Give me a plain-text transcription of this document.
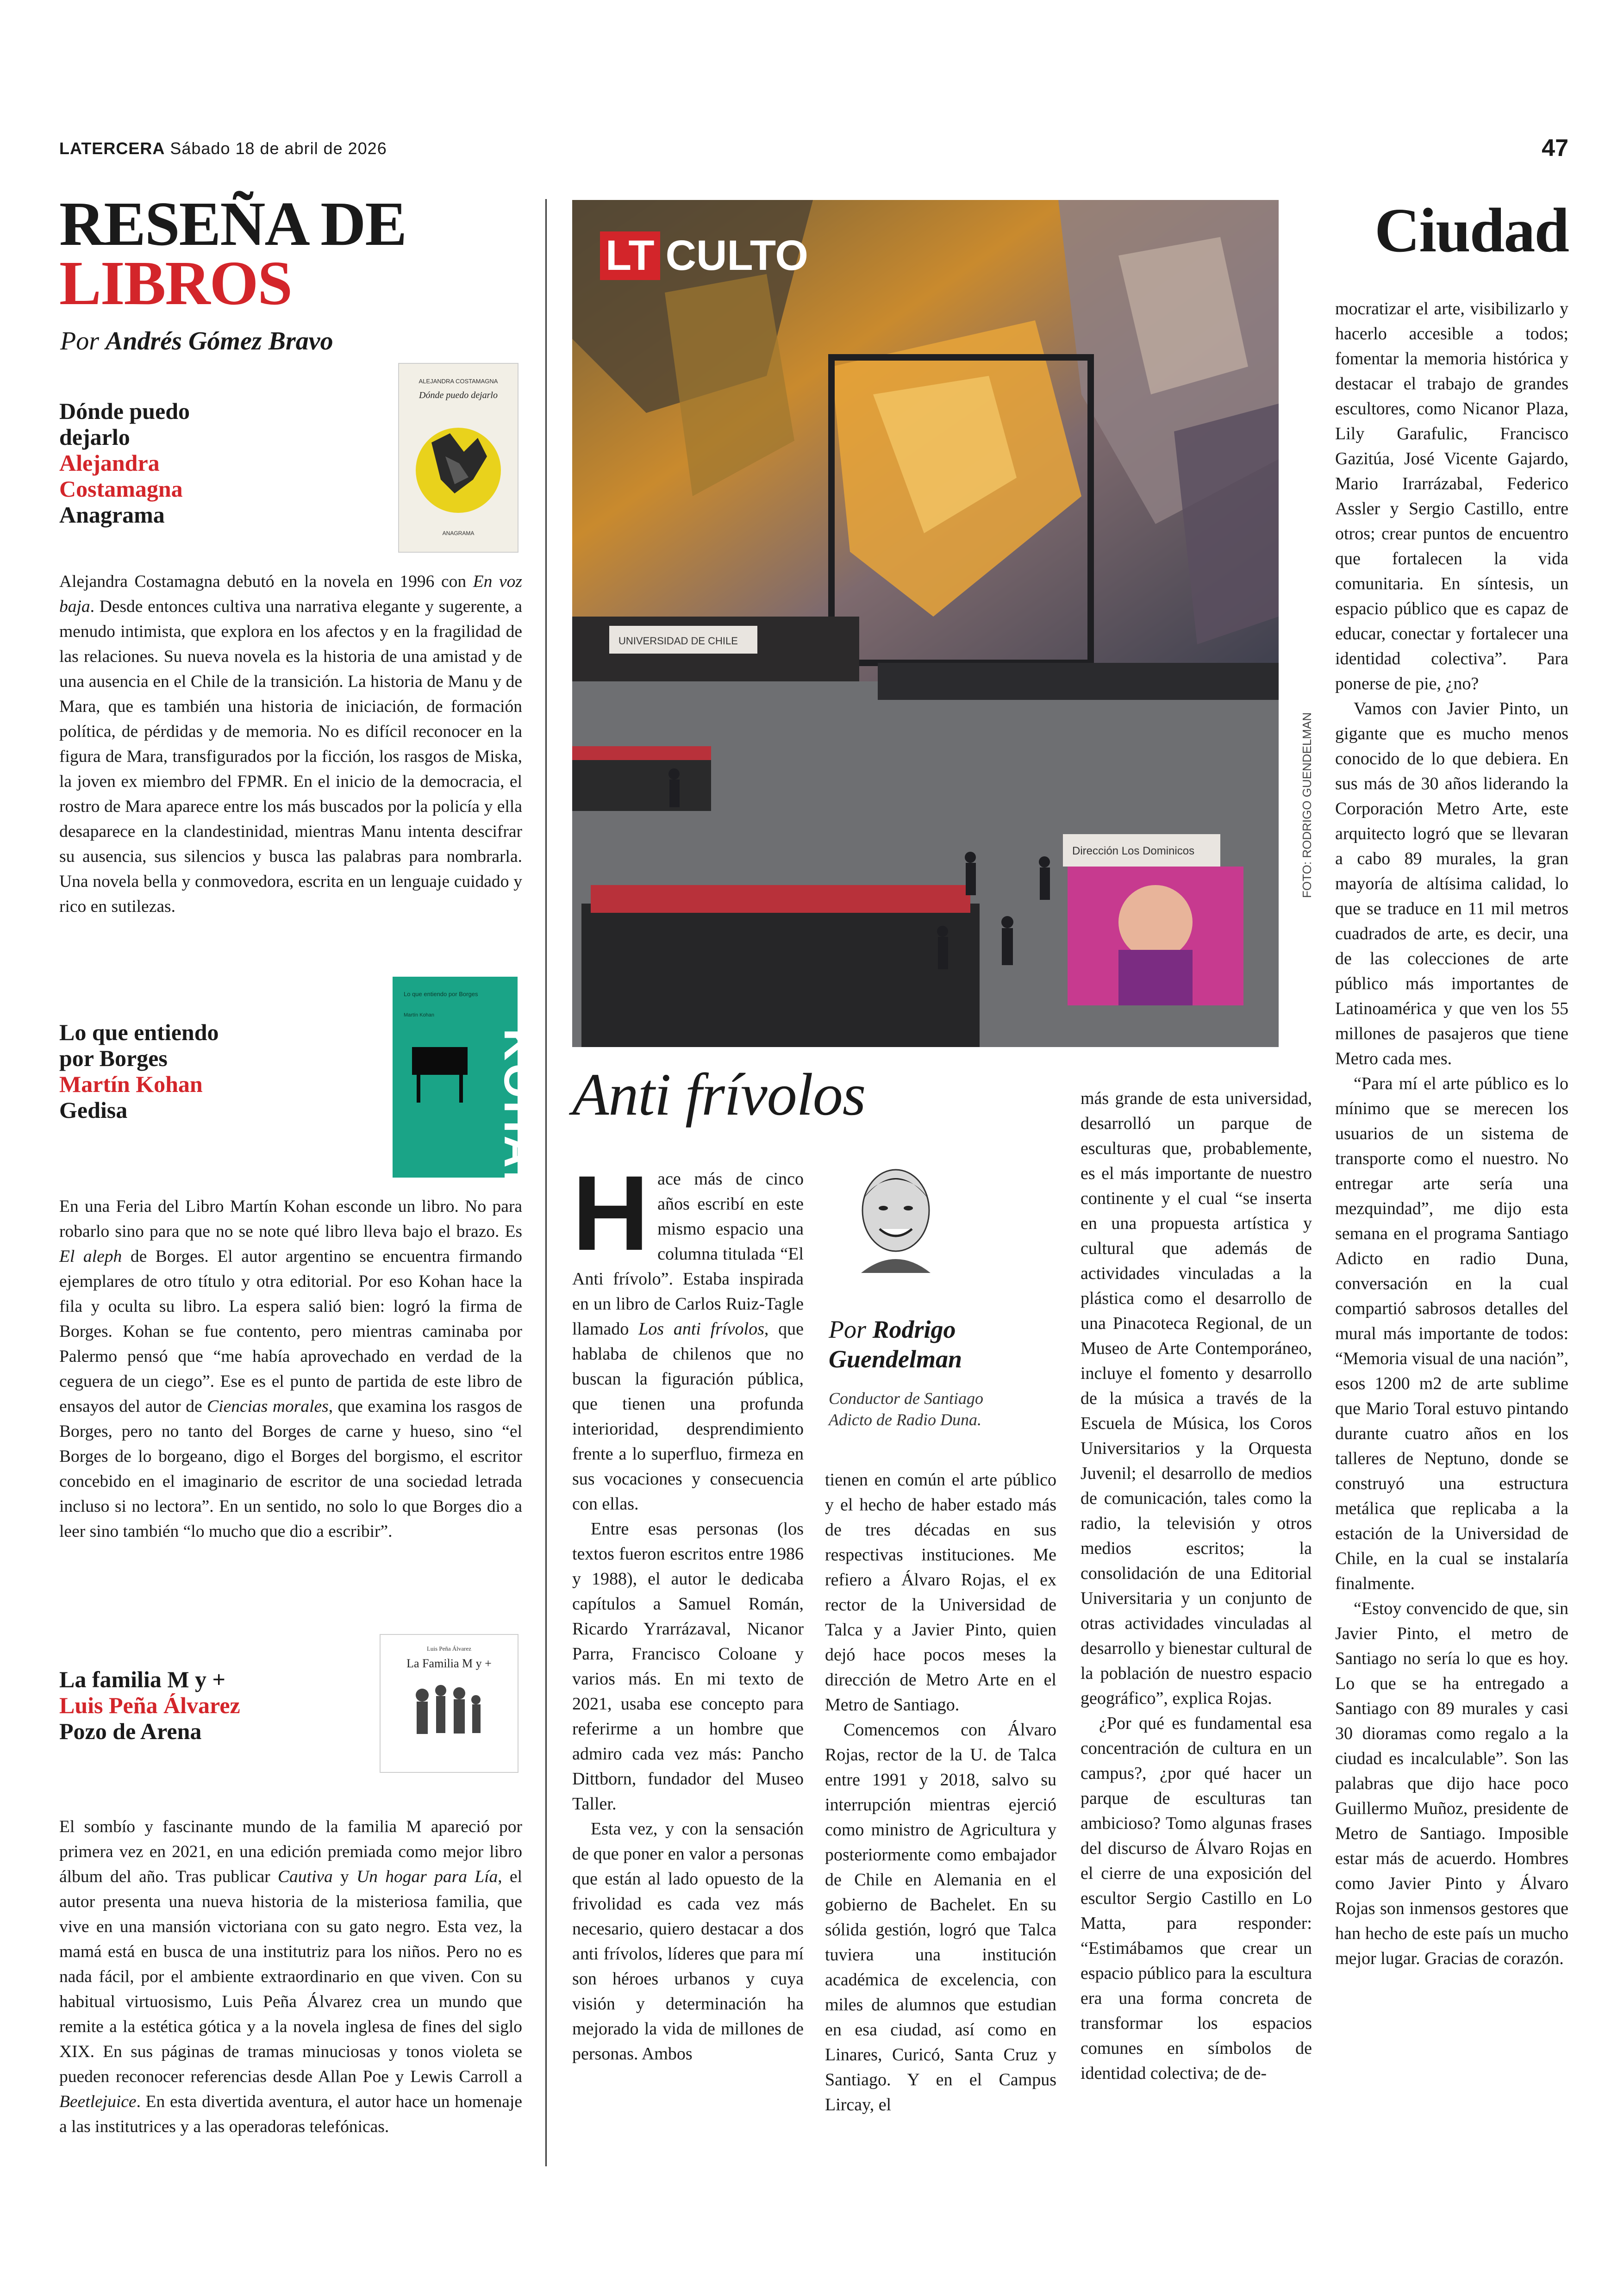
LATERCERA Sábado 18 de abril de 2026	47
RESEÑA DE
LIBROS
Por Andrés Gómez Bravo
Dónde puedo
dejarlo
Alejandra
Costamagna
Anagrama
ALEJANDRA COSTAMAGNA
Dónde puedo dejarlo
ANAGRAMA
Alejandra Costamagna debutó en la novela en 1996 con En voz baja. Desde entonces cultiva una narrativa elegante y sugerente, a menudo intimista, que explora en los afectos y en la fragilidad de las relaciones. Su nueva novela es la historia de una amistad y de una ausencia en el Chile de la transición. La historia de Manu y de Mara, que es también una historia de iniciación, de formación política, de pérdidas y de memoria. No es difícil reconocer en la figura de Mara, transfigurados por la ficción, los rasgos de Miska, la joven ex miembro del FPMR. En el inicio de la democracia, el rostro de Mara aparece entre los más buscados por la policía y ella desaparece en la clandestinidad, mientras Manu intenta descifrar su ausencia, sus silencios y busca las palabras para nombrarla. Una novela bella y conmovedora, escrita en un lenguaje cuidado y rico en sutilezas.
Lo que entiendo
por Borges
Martín Kohan
Gedisa
Lo que entiendo por Borges
Martín Kohan
KOHAN
En una Feria del Libro Martín Kohan esconde un libro. No para robarlo sino para que no se note qué libro lleva bajo el brazo. Es El aleph de Borges. El autor argentino se encuentra firmando ejemplares de otro título y otra editorial. Por eso Kohan hace la fila y oculta su libro. La espera salió bien: logró la firma de Borges. Kohan se fue contento, pero mientras caminaba por Palermo pensó que “me había aprovechado en verdad de la ceguera de un ciego”. Ese es el punto de partida de este libro de ensayos del autor de Ciencias morales, que examina los rasgos de Borges, pero no tanto del Borges de carne y hueso, sino “el Borges de lo borgeano, digo el Borges del borgismo, el escritor concebido en el imaginario de escritor de una sociedad letrada incluso si no lectora”. En un sentido, no solo lo que Borges dio a leer sino también “lo mucho que dio a escribir”.
La familia M y +
Luis Peña Álvarez
Pozo de Arena
Luis Peña Álvarez
La Familia M y +
El sombío y fascinante mundo de la familia M apareció por primera vez en 2021, en una edición premiada como mejor libro álbum del año. Tras publicar Cautiva y Un hogar para Lía, el autor presenta una nueva historia de la misteriosa familia, que vive en una mansión victoriana con su gato negro. Esta vez, la mamá está en busca de una institutriz para los niños. Pero no es nada fácil, por el ambiente extraordinario en que viven. Con su habitual virtuosismo, Luis Peña Álvarez crea un mundo que remite a la estética gótica y a la novela inglesa de fines del siglo XIX. En sus páginas de tramas minuciosas y tonos violeta se pueden reconocer referencias desde Allan Poe y Lewis Carroll a Beetlejuice. En esta divertida aventura, el autor hace un homenaje a las institutrices y a las operadoras telefónicas.
Ciudad
UNIVERSIDAD DE CHILE
Dirección Los Dominicos
LT CULTO
FOTO: RODRIGO GUENDELMAN
Anti frívolos

Hace más de cinco años escribí en este mismo espacio una columna titulada “El Anti frívolo”. Estaba inspirada en un libro de Carlos Ruiz-Tagle llamado Los anti frívolos, que hablaba de chilenos que no buscan la figuración pública, que tienen una profunda interioridad, desprendimiento frente a lo superfluo, firmeza en sus vocaciones y consecuencia con ellas.

Entre esas personas (los textos fueron escritos entre 1986 y 1988), el autor le dedicaba capítulos a Samuel Román, Ricardo Yrarrázaval, Nicanor Parra, Francisco Coloane y varios más. En mi texto de 2021, usaba ese concepto para referirme a un hombre que admiro cada vez más: Pancho Dittborn, fundador del Museo Taller.

Esta vez, y con la sensación de que poner en valor a personas que están al lado opuesto de la frivolidad es cada vez más necesario, quiero destacar a dos anti frívolos, líderes que para mí son héroes urbanos y cuya visión y determinación ha mejorado la vida de millones de personas. Ambos

Por Rodrigo
Guendelman
Conductor de Santiago
Adicto de Radio Duna.

tienen en común el arte público y el hecho de haber estado más de tres décadas en sus respectivas instituciones. Me refiero a Álvaro Rojas, el ex rector de la Universidad de Talca y a Javier Pinto, quien dejó hace pocos meses la dirección de Metro Arte en el Metro de Santiago.

Comencemos con Álvaro Rojas, rector de la U. de Talca entre 1991 y 2018, salvo su interrupción mientras ejerció como ministro de Agricultura y posteriormente como embajador de Chile en Alemania en el gobierno de Bachelet. En su sólida gestión, logró que Talca tuviera una institución académica de excelencia, con miles de alumnos que estudian en esa ciudad, así como en Linares, Curicó, Santa Cruz y Santiago. Y en el Campus Lircay, el

más grande de esta universidad, desarrolló un parque de esculturas que, probablemente, es el más importante de nuestro continente y el cual “se inserta en una propuesta artística y cultural que además de actividades vinculadas a la plástica como el desarrollo de una Pinacoteca Regional, de un Museo de Arte Contemporáneo, incluye el fomento y desarrollo de la música a través de la Escuela de Música, los Coros Universitarios y la Orquesta Juvenil; el desarrollo de medios de comunicación, tales como la radio, la televisión y otros medios escritos; la consolidación de una Editorial Universitaria y un conjunto de otras actividades vinculadas al desarrollo y bienestar cultural de la población de nuestro espacio geográfico”, explica Rojas.

¿Por qué es fundamental esa concentración de cultura en un campus?, ¿por qué hacer un parque de esculturas tan ambicioso? Tomo algunas frases del discurso de Álvaro Rojas en el cierre de una exposición del escultor Sergio Castillo en Lo Matta, para responder: “Estimábamos que crear un espacio público para la escultura era una forma concreta de transformar los espacios comunes en símbolos de identidad colectiva; de de-

mocratizar el arte, visibilizarlo y hacerlo accesible a todos; fomentar la memoria histórica y destacar el trabajo de grandes escultores, como Nicanor Plaza, Lily Garafulic, Francisco Gazitúa, José Vicente Gajardo, Mario Irarrázabal, Federico Assler y Sergio Castillo, entre otros; crear puntos de encuentro que fortalecen la vida comunitaria. En síntesis, un espacio público que es capaz de educar, conectar y fortalecer una identidad colectiva”. Para ponerse de pie, ¿no?

Vamos con Javier Pinto, un gigante que es mucho menos conocido de lo que debiera. En sus más de 30 años liderando la Corporación Metro Arte, este arquitecto logró que se llevaran a cabo 89 murales, la gran mayoría de altísima calidad, lo que se traduce en 11 mil metros cuadrados de arte, es decir, una de las colecciones de arte público más importantes de Latinoamérica y que ven los 55 millones de pasajeros que tiene Metro cada mes.

“Para mí el arte público es lo mínimo que se merecen los usuarios de un sistema de transporte como el nuestro. No entregar arte sería una mezquindad”, me dijo esta semana en el programa Santiago Adicto en radio Duna, conversación en la cual compartió sabrosos detalles del mural más importante de todos: “Memoria visual de una nación”, esos 1200 m2 de arte sublime que Mario Toral estuvo pintando durante cuatro años en los talleres de Neptuno, donde se construyó una estructura metálica que replicaba a la estación de la Universidad de Chile, en la cual se instalaría finalmente.

“Estoy convencido de que, sin Javier Pinto, el metro de Santiago no sería lo que es hoy. Lo que se ha entregado a Santiago con 89 murales y casi 30 dioramas como regalo a la ciudad es incalculable”. Son las palabras que dijo hace poco Guillermo Muñoz, presidente de Metro de Santiago. Imposible estar más de acuerdo. Hombres como Javier Pinto y Álvaro Rojas son inmensos gestores que han hecho de este país un mucho mejor lugar. Gracias de corazón.
